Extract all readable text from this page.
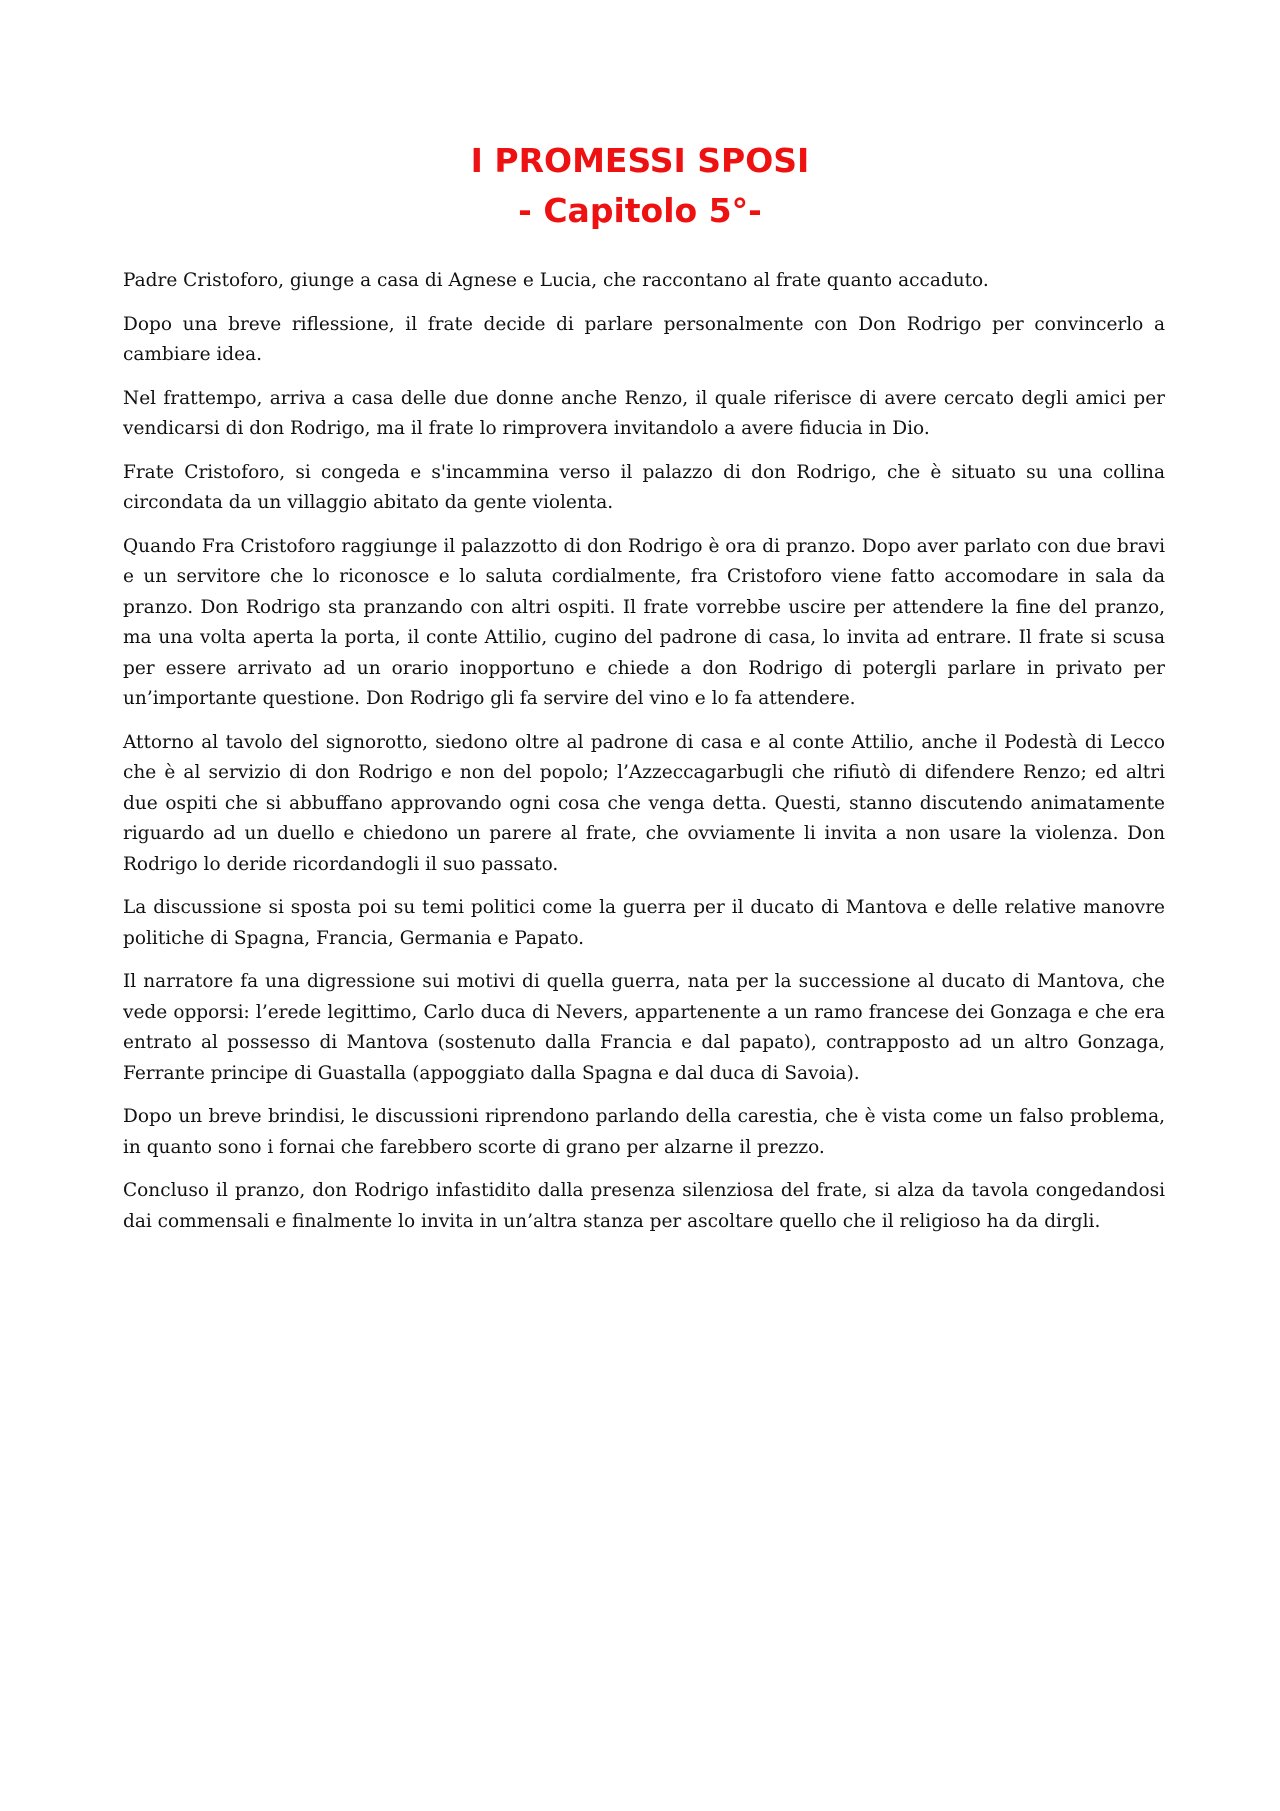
I PROMESSI SPOSI
- Capitolo 5°-

Padre Cristoforo, giunge a casa di Agnese e Lucia, che raccontano al frate quanto accaduto.

Dopo una breve riflessione, il frate decide di parlare personalmente con Don Rodrigo per convincerlo a cambiare idea.

Nel frattempo, arriva a casa delle due donne anche Renzo, il quale riferisce di avere cercato degli amici per vendicarsi di don Rodrigo, ma il frate lo rimprovera invitandolo a avere fiducia in Dio.

Frate Cristoforo, si congeda e s'incammina verso il palazzo di don Rodrigo, che è situato su una collina circondata da un villaggio abitato da gente violenta.

Quando Fra Cristoforo raggiunge il palazzotto di don Rodrigo è ora di pranzo. Dopo aver parlato con due bravi e un servitore che lo riconosce e lo saluta cordialmente, fra Cristoforo viene fatto accomodare in sala da pranzo. Don Rodrigo sta pranzando con altri ospiti. Il frate vorrebbe uscire per attendere la fine del pranzo, ma una volta aperta la porta, il conte Attilio, cugino del padrone di casa, lo invita ad entrare. Il frate si scusa per essere arrivato ad un orario inopportuno e chiede a don Rodrigo di potergli parlare in privato per un’importante questione. Don Rodrigo gli fa servire del vino e lo fa attendere.

Attorno al tavolo del signorotto, siedono oltre al padrone di casa e al conte Attilio, anche il Podestà di Lecco che è al servizio di don Rodrigo e non del popolo; l’Azzeccagarbugli che rifiutò di difendere Renzo; ed altri due ospiti che si abbuffano approvando ogni cosa che venga detta. Questi, stanno discutendo animatamente riguardo ad un duello e chiedono un parere al frate, che ovviamente li invita a non usare la violenza. Don Rodrigo lo deride ricordandogli il suo passato.

La discussione si sposta poi su temi politici come la guerra per il ducato di Mantova e delle relative manovre politiche di Spagna, Francia, Germania e Papato.

Il narratore fa una digressione sui motivi di quella guerra, nata per la successione al ducato di Mantova, che vede opporsi: l’erede legittimo, Carlo duca di Nevers, appartenente a un ramo francese dei Gonzaga e che era entrato al possesso di Mantova (sostenuto dalla Francia e dal papato), contrapposto ad un altro Gonzaga, Ferrante principe di Guastalla (appoggiato dalla Spagna e dal duca di Savoia).

Dopo un breve brindisi, le discussioni riprendono parlando della carestia, che è vista come un falso problema, in quanto sono i fornai che farebbero scorte di grano per alzarne il prezzo.

Concluso il pranzo, don Rodrigo infastidito dalla presenza silenziosa del frate, si alza da tavola congedandosi dai commensali e finalmente lo invita in un’altra stanza per ascoltare quello che il religioso ha da dirgli.
